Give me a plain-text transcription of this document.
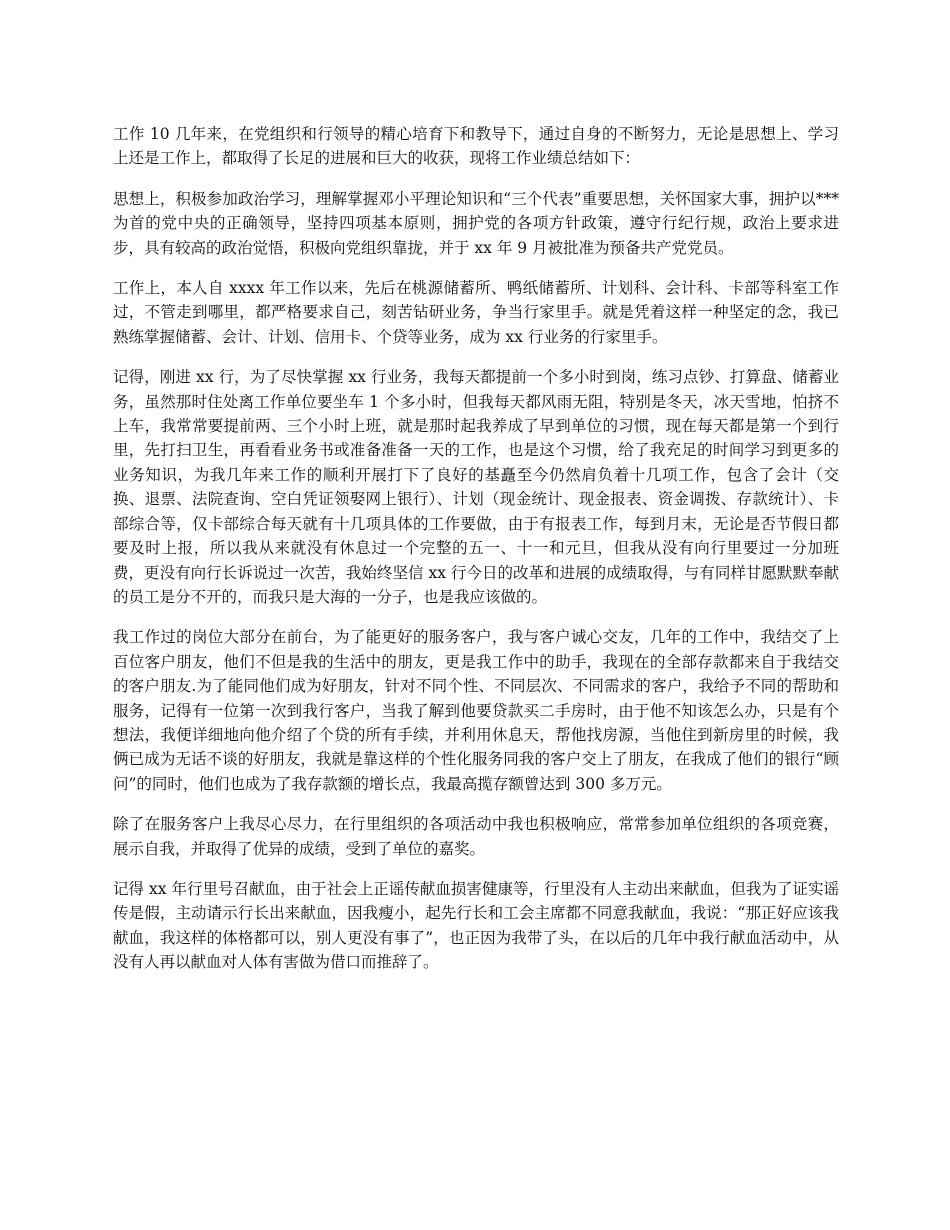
工作 10 几年来，在党组织和行领导的精心培育下和教导下，通过自身的不断努力，无论是思想上、学习上还是工作上，都取得了长足的进展和巨大的收获，现将工作业绩总结如下：

思想上，积极参加政治学习，理解掌握邓小平理论知识和“三个代表”重要思想，关怀国家大事，拥护以***为首的党中央的正确领导，坚持四项基本原则，拥护党的各项方针政策，遵守行纪行规，政治上要求进步，具有较高的政治觉悟，积极向党组织靠拢，并于 xx 年 9 月被批准为预备共产党党员。

工作上，本人自 xxxx 年工作以来，先后在桃源储蓄所、鸭纸储蓄所、计划科、会计科、卡部等科室工作过，不管走到哪里，都严格要求自己，刻苦钻研业务，争当行家里手。就是凭着这样一种坚定的念，我已熟练掌握储蓄、会计、计划、信用卡、个贷等业务，成为 xx 行业务的行家里手。

记得，刚进 xx 行，为了尽快掌握 xx 行业务，我每天都提前一个多小时到岗，练习点钞、打算盘、储蓄业务，虽然那时住处离工作单位要坐车 1 个多小时，但我每天都风雨无阻，特别是冬天，冰天雪地，怕挤不上车，我常常要提前两、三个小时上班，就是那时起我养成了早到单位的习惯，现在每天都是第一个到行里，先打扫卫生，再看看业务书或准备准备一天的工作，也是这个习惯，给了我充足的时间学习到更多的业务知识，为我几年来工作的顺利开展打下了良好的基矗至今仍然肩负着十几项工作，包含了会计（交换、退票、法院查询、空白凭证领娶网上银行）、计划（现金统计、现金报表、资金调拨、存款统计）、卡部综合等，仅卡部综合每天就有十几项具体的工作要做，由于有报表工作，每到月末，无论是否节假日都要及时上报，所以我从来就没有休息过一个完整的五一、十一和元旦，但我从没有向行里要过一分加班费，更没有向行长诉说过一次苦，我始终坚信 xx 行今日的改革和进展的成绩取得，与有同样甘愿默默奉献的员工是分不开的，而我只是大海的一分子，也是我应该做的。

我工作过的岗位大部分在前台，为了能更好的服务客户，我与客户诚心交友，几年的工作中，我结交了上百位客户朋友，他们不但是我的生活中的朋友，更是我工作中的助手，我现在的全部存款都来自于我结交的客户朋友.为了能同他们成为好朋友，针对不同个性、不同层次、不同需求的客户，我给予不同的帮助和服务，记得有一位第一次到我行客户，当我了解到他要贷款买二手房时，由于他不知该怎么办，只是有个想法，我便详细地向他介绍了个贷的所有手续，并利用休息天，帮他找房源，当他住到新房里的时候，我俩已成为无话不谈的好朋友，我就是靠这样的个性化服务同我的客户交上了朋友，在我成了他们的银行“顾问”的同时，他们也成为了我存款额的增长点，我最高揽存额曾达到 300 多万元。

除了在服务客户上我尽心尽力，在行里组织的各项活动中我也积极响应，常常参加单位组织的各项竞赛，展示自我，并取得了优异的成绩，受到了单位的嘉奖。

记得 xx 年行里号召献血，由于社会上正谣传献血损害健康等，行里没有人主动出来献血，但我为了证实谣传是假，主动请示行长出来献血，因我瘦小，起先行长和工会主席都不同意我献血，我说：“那正好应该我献血，我这样的体格都可以，别人更没有事了”，也正因为我带了头，在以后的几年中我行献血活动中，从没有人再以献血对人体有害做为借口而推辞了。
